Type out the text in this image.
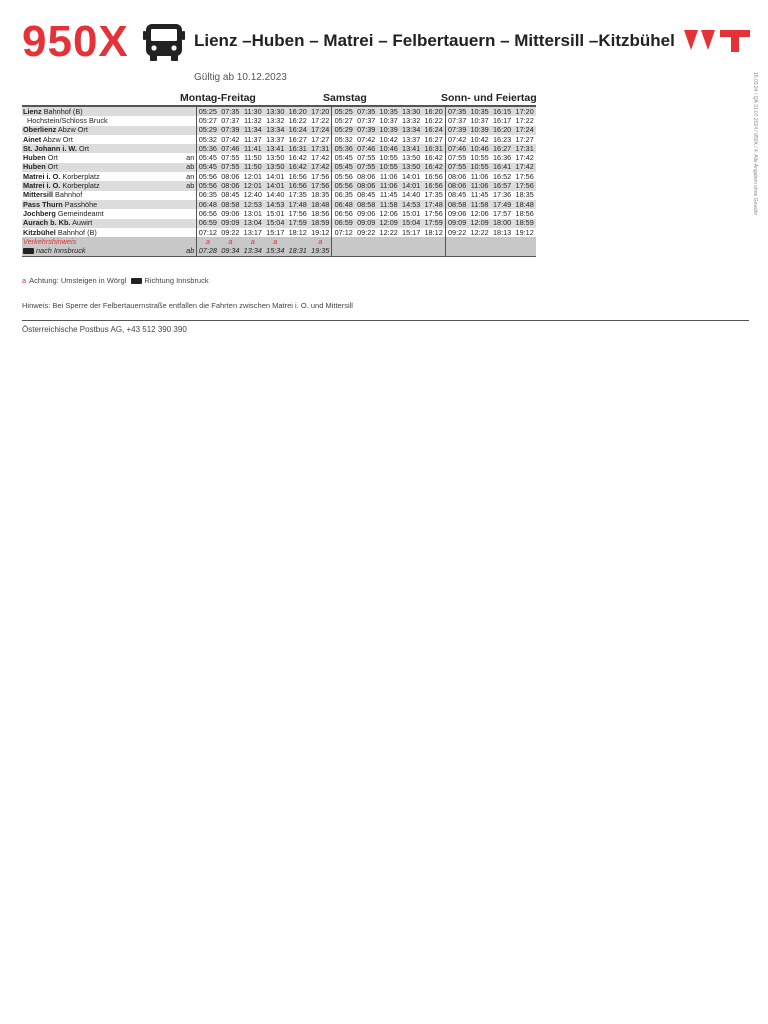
950X	Lienz –Huben – Matrei – Felbertauern – Mittersill –Kitzbühel
Gültig ab 10.12.2023	15.03.24 / QA 31.07.2024 / 950X / 4: Alle Angaben ohne Gewähr
Montag-Freitag	Samstag	Sonn- und Feiertag
Lienz Bahnhof (B)		05:25	07:35	11:30	13:30	16:20	17:20	05:25	07:35	10:35	13:30	16:20	07:35	10:35	16:15	17:20
Hochstein/Schloss Bruck		05:27	07:37	11:32	13:32	16:22	17:22	05:27	07:37	10:37	13:32	16:22	07:37	10:37	16:17	17:22
Oberlienz Abzw Ort		05:29	07:39	11:34	13:34	16:24	17:24	05:29	07:39	10:39	13:34	16:24	07:39	10:39	16:20	17:24
Ainet Abzw Ort		05:32	07:42	11:37	13:37	16:27	17:27	05:32	07:42	10:42	13:37	16:27	07:42	10:42	16:23	17:27
St. Johann i. W. Ort		05:36	07:46	11:41	13:41	16:31	17:31	05:36	07:46	10:46	13:41	16:31	07:46	10:46	16:27	17:31
Huben Ort	an	05:45	07:55	11:50	13:50	16:42	17:42	05:45	07:55	10:55	13:50	16:42	07:55	10:55	16:36	17:42
Huben Ort	ab	05:45	07:55	11:50	13:50	16:42	17:42	05:45	07:55	10:55	13:50	16:42	07:55	10:55	16:41	17:42
Matrei i. O. Korberplatz	an	05:56	08:06	12:01	14:01	16:56	17:56	05:56	08:06	11:06	14:01	16:56	08:06	11:06	16:52	17:56
Matrei i. O. Korberplatz	ab	05:56	08:06	12:01	14:01	16:56	17:56	05:56	08:06	11:06	14:01	16:56	08:06	11:06	16:57	17:56
Mittersill Bahnhof		06:35	08:45	12:40	14:40	17:35	18:35	06:35	08:45	11:45	14:40	17:35	08:45	11:45	17:36	18:35
Pass Thurn Passhöhe		06:48	08:58	12:53	14:53	17:48	18:48	06:48	08:58	11:58	14:53	17:48	08:58	11:58	17:49	18:48
Jochberg Gemeindeamt		06:56	09:06	13:01	15:01	17:56	18:56	06:56	09:06	12:06	15:01	17:56	09:06	12:06	17:57	18:56
Aurach b. Kb. Auwirt		06:59	09:09	13:04	15:04	17:59	18:59	06:59	09:09	12:09	15:04	17:59	09:09	12:09	18:00	18:59
Kitzbühel Bahnhof (B)		07:12	09:22	13:17	15:17	18:12	19:12	07:12	09:22	12:22	15:17	18:12	09:22	12:22	18:13	19:12
Verkehrshinweis		a	a	a	a		a									
nach Innsbruck	ab	07:28	09:34	13:34	15:34	18:31	19:35									
a Achtung: Umsteigen in Wörgl Richtung Innsbruck
Hinweis: Bei Sperre der Felbertauernstraße entfallen die Fahrten zwischen Matrei i. O. und Mittersill
Österreichische Postbus AG, +43 512 390 390
